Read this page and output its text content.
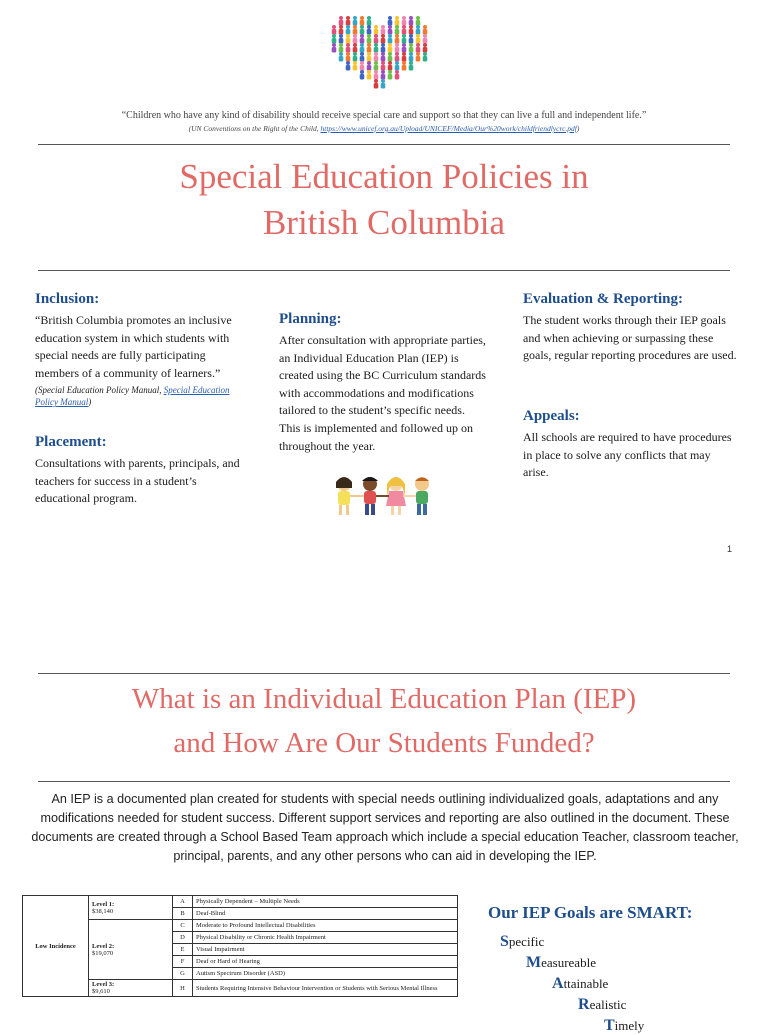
“Children who have any kind of disability should receive special care and support so that they can live a full and independent life.”
(UN Conventions on the Right of the Child, https://www.unicef.org.au/Upload/UNICEF/Media/Our%20work/childfriendlycrc.pdf)
Special Education Policies in
British Columbia
Inclusion:
“British Columbia promotes an inclusive education system in which students with special needs are fully participating members of a community of learners.”
(Special Education Policy Manual, Special Education Policy Manual)
Placement:
Consultations with parents, principals, and teachers for success in a student’s educational program.
Planning:
After consultation with appropriate parties, an Individual Education Plan (IEP) is created using the BC Curriculum standards with accommodations and modifications tailored to the student’s specific needs. This is implemented and followed up on throughout the year.
Evaluation & Reporting:
The student works through their IEP goals and when achieving or surpassing these goals, regular reporting procedures are used.
Appeals:
All schools are required to have procedures in place to solve any conflicts that may arise.
1
What is an Individual Education Plan (IEP)
and How Are Our Students Funded?
An IEP is a documented plan created for students with special needs outlining individualized goals, adaptations and any modifications needed for student success. Different support services and reporting are also outlined in the document. These documents are created through a School Based Team approach which include a special education Teacher, classroom teacher, principal, parents, and any other persons who can aid in developing the IEP.
Low Incidence	Level 1:
$38,140	A	Physically Dependent – Multiple Needs
		B	Deaf-Blind

	Level 2:
$19,070	C	Moderate to Profound Intellectual Disabilities
		D	Physical Disability or Chronic Health Impairment
		E	Visual Impairment
		F	Deaf or Hard of Hearing
		G	Autism Spectrum Disorder (ASD)

	Level 3:
$9,610	H	Students Requiring Intensive Behaviour Intervention or Students with Serious Mental Illness
Our IEP Goals are SMART:
Specific
Measureable
Attainable
Realistic
Timely
